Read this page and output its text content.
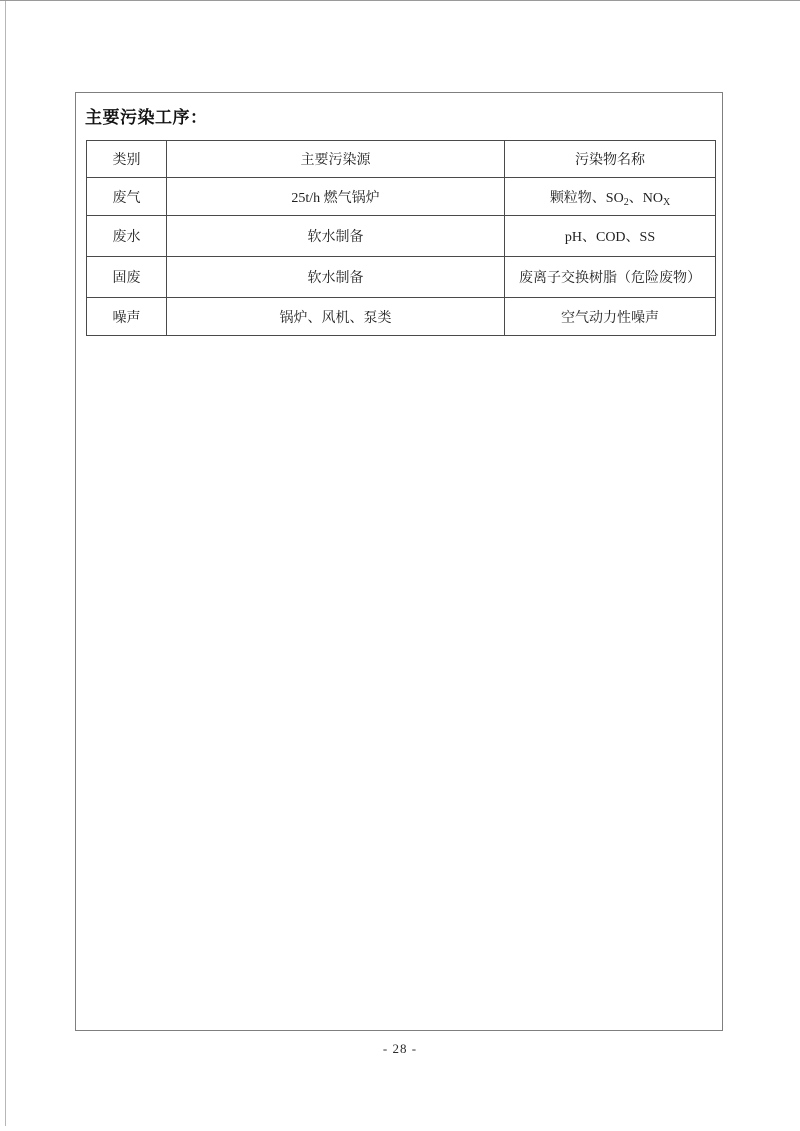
主要污染工序：
类别	主要污染源	污染物名称
废气	25t/h 燃气锅炉	颗粒物、$SO_2$、$NO_X$
废水	软水制备	pH、COD、SS
固废	软水制备	废离子交换树脂（危险废物）
噪声	锅炉、风机、泵类	空气动力性噪声
- 28 -
